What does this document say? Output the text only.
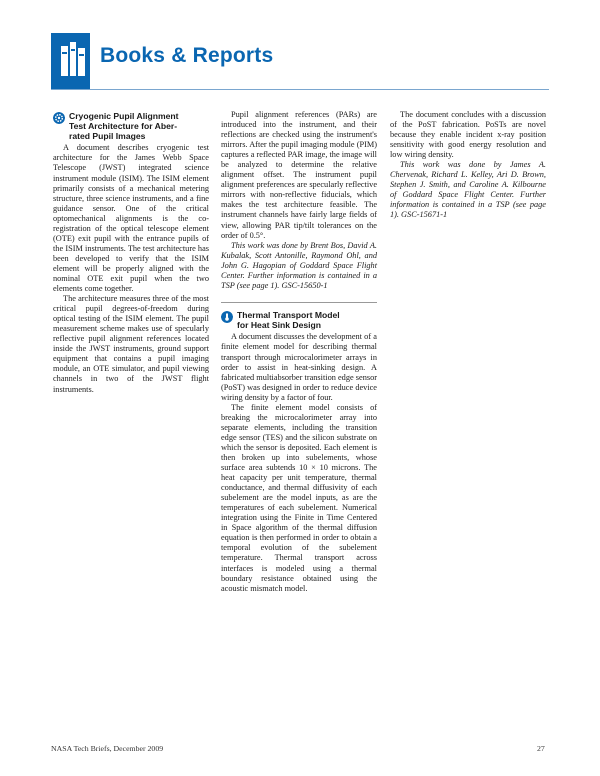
Books & Reports
Cryogenic Pupil Alignment
Test Architecture for Aber-
rated Pupil Images

A document describes cryogenic test architecture for the James Webb Space Telescope (JWST) integrated science instrument module (ISIM). The ISIM element primarily consists of a mechanical metering structure, three science instruments, and a fine guidance sensor. One of the critical optomechanical alignments is the co-registration of the optical telescope element (OTE) exit pupil with the entrance pupils of the ISIM instruments. The test architecture has been developed to verify that the ISIM element will be properly aligned with the nominal OTE exit pupil when the two elements come together.

The architecture measures three of the most critical pupil degrees-of-freedom during optical testing of the ISIM element. The pupil measurement scheme makes use of specularly reflective pupil alignment references located inside the JWST instruments, ground support equipment that contains a pupil imaging module, an OTE simulator, and pupil viewing channels in two of the JWST flight instruments.

Pupil alignment references (PARs) are introduced into the instrument, and their reflections are checked using the instrument's mirrors. After the pupil imaging module (PIM) captures a reflected PAR image, the image will be analyzed to determine the relative alignment offset. The instrument pupil alignment preferences are specularly reflective mirrors with non-reflective fiducials, which makes the test architecture feasible. The instrument channels have fairly large fields of view, allowing PAR tip/tilt tolerances on the order of 0.5°.

This work was done by Brent Bos, David A. Kubalak, Scott Antonille, Raymond Ohl, and John G. Hagopian of Goddard Space Flight Center. Further information is contained in a TSP (see page 1). GSC-15650-1

Thermal Transport Model
for Heat Sink Design

A document discusses the development of a finite element model for describing thermal transport through microcalorimeter arrays in order to assist in heat-sinking design. A fabricated multiabsorber transition edge sensor (PoST) was designed in order to reduce device wiring density by a factor of four.

The finite element model consists of breaking the microcalorimeter array into separate elements, including the transition edge sensor (TES) and the silicon substrate on which the sensor is deposited. Each element is then broken up into subelements, whose surface area subtends 10 × 10 microns. The heat capacity per unit temperature, thermal conductance, and thermal diffusivity of each subelement are the model inputs, as are the temperatures of each subelement. Numerical integration using the Finite in Time Centered in Space algorithm of the thermal diffusion equation is then performed in order to obtain a temporal evolution of the subelement temperature. Thermal transport across interfaces is modeled using a thermal boundary resistance obtained using the acoustic mismatch model.

The document concludes with a discussion of the PoST fabrication. PoSTs are novel because they enable incident x-ray position sensitivity with good energy resolution and low wiring density.

This work was done by James A. Chervenak, Richard L. Kelley, Ari D. Brown, Stephen J. Smith, and Caroline A. Kilbourne of Goddard Space Flight Center. Further information is contained in a TSP (see page 1). GSC-15671-1

NASA Tech Briefs, December 2009	27
